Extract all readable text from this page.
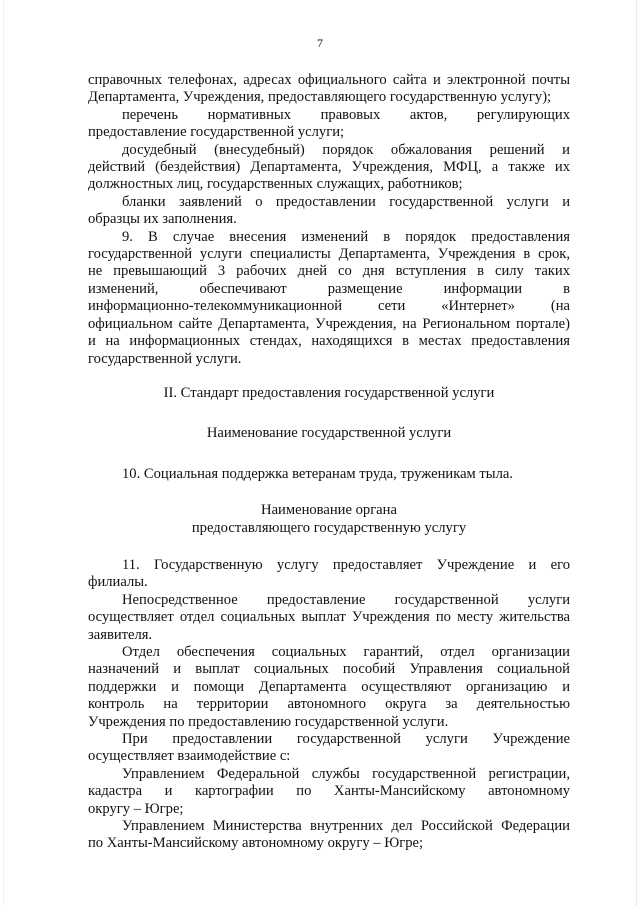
7

справочных телефонах, адресах официального сайта и электронной почты

Департамента, Учреждения, предоставляющего государственную услугу);

перечень нормативных правовых актов, регулирующих

предоставление государственной услуги;

досудебный (внесудебный) порядок обжалования решений и

действий (бездействия) Департамента, Учреждения, МФЦ, а также их

должностных лиц, государственных служащих, работников;

бланки заявлений о предоставлении государственной услуги и

образцы их заполнения.

9. В случае внесения изменений в порядок предоставления

государственной услуги специалисты Департамента, Учреждения в срок,

не превышающий 3 рабочих дней со дня вступления в силу таких

изменений, обеспечивают размещение информации в

информационно-телекоммуникационной сети «Интернет» (на

официальном сайте Департамента, Учреждения, на Региональном портале)

и на информационных стендах, находящихся в местах предоставления

государственной услуги.

II. Стандарт предоставления государственной услуги

Наименование государственной услуги

10. Социальная поддержка ветеранам труда, труженикам тыла.

Наименование органа

предоставляющего государственную услугу

11. Государственную услугу предоставляет Учреждение и его

филиалы.

Непосредственное предоставление государственной услуги

осуществляет отдел социальных выплат Учреждения по месту жительства

заявителя.

Отдел обеспечения социальных гарантий, отдел организации

назначений и выплат социальных пособий Управления социальной

поддержки и помощи Департамента осуществляют организацию и

контроль на территории автономного округа за деятельностью

Учреждения по предоставлению государственной услуги.

При предоставлении государственной услуги Учреждение

осуществляет взаимодействие с:

Управлением Федеральной службы государственной регистрации,

кадастра и картографии по Ханты-Мансийскому автономному

округу – Югре;

Управлением Министерства внутренних дел Российской Федерации

по Ханты-Мансийскому автономному округу – Югре;
